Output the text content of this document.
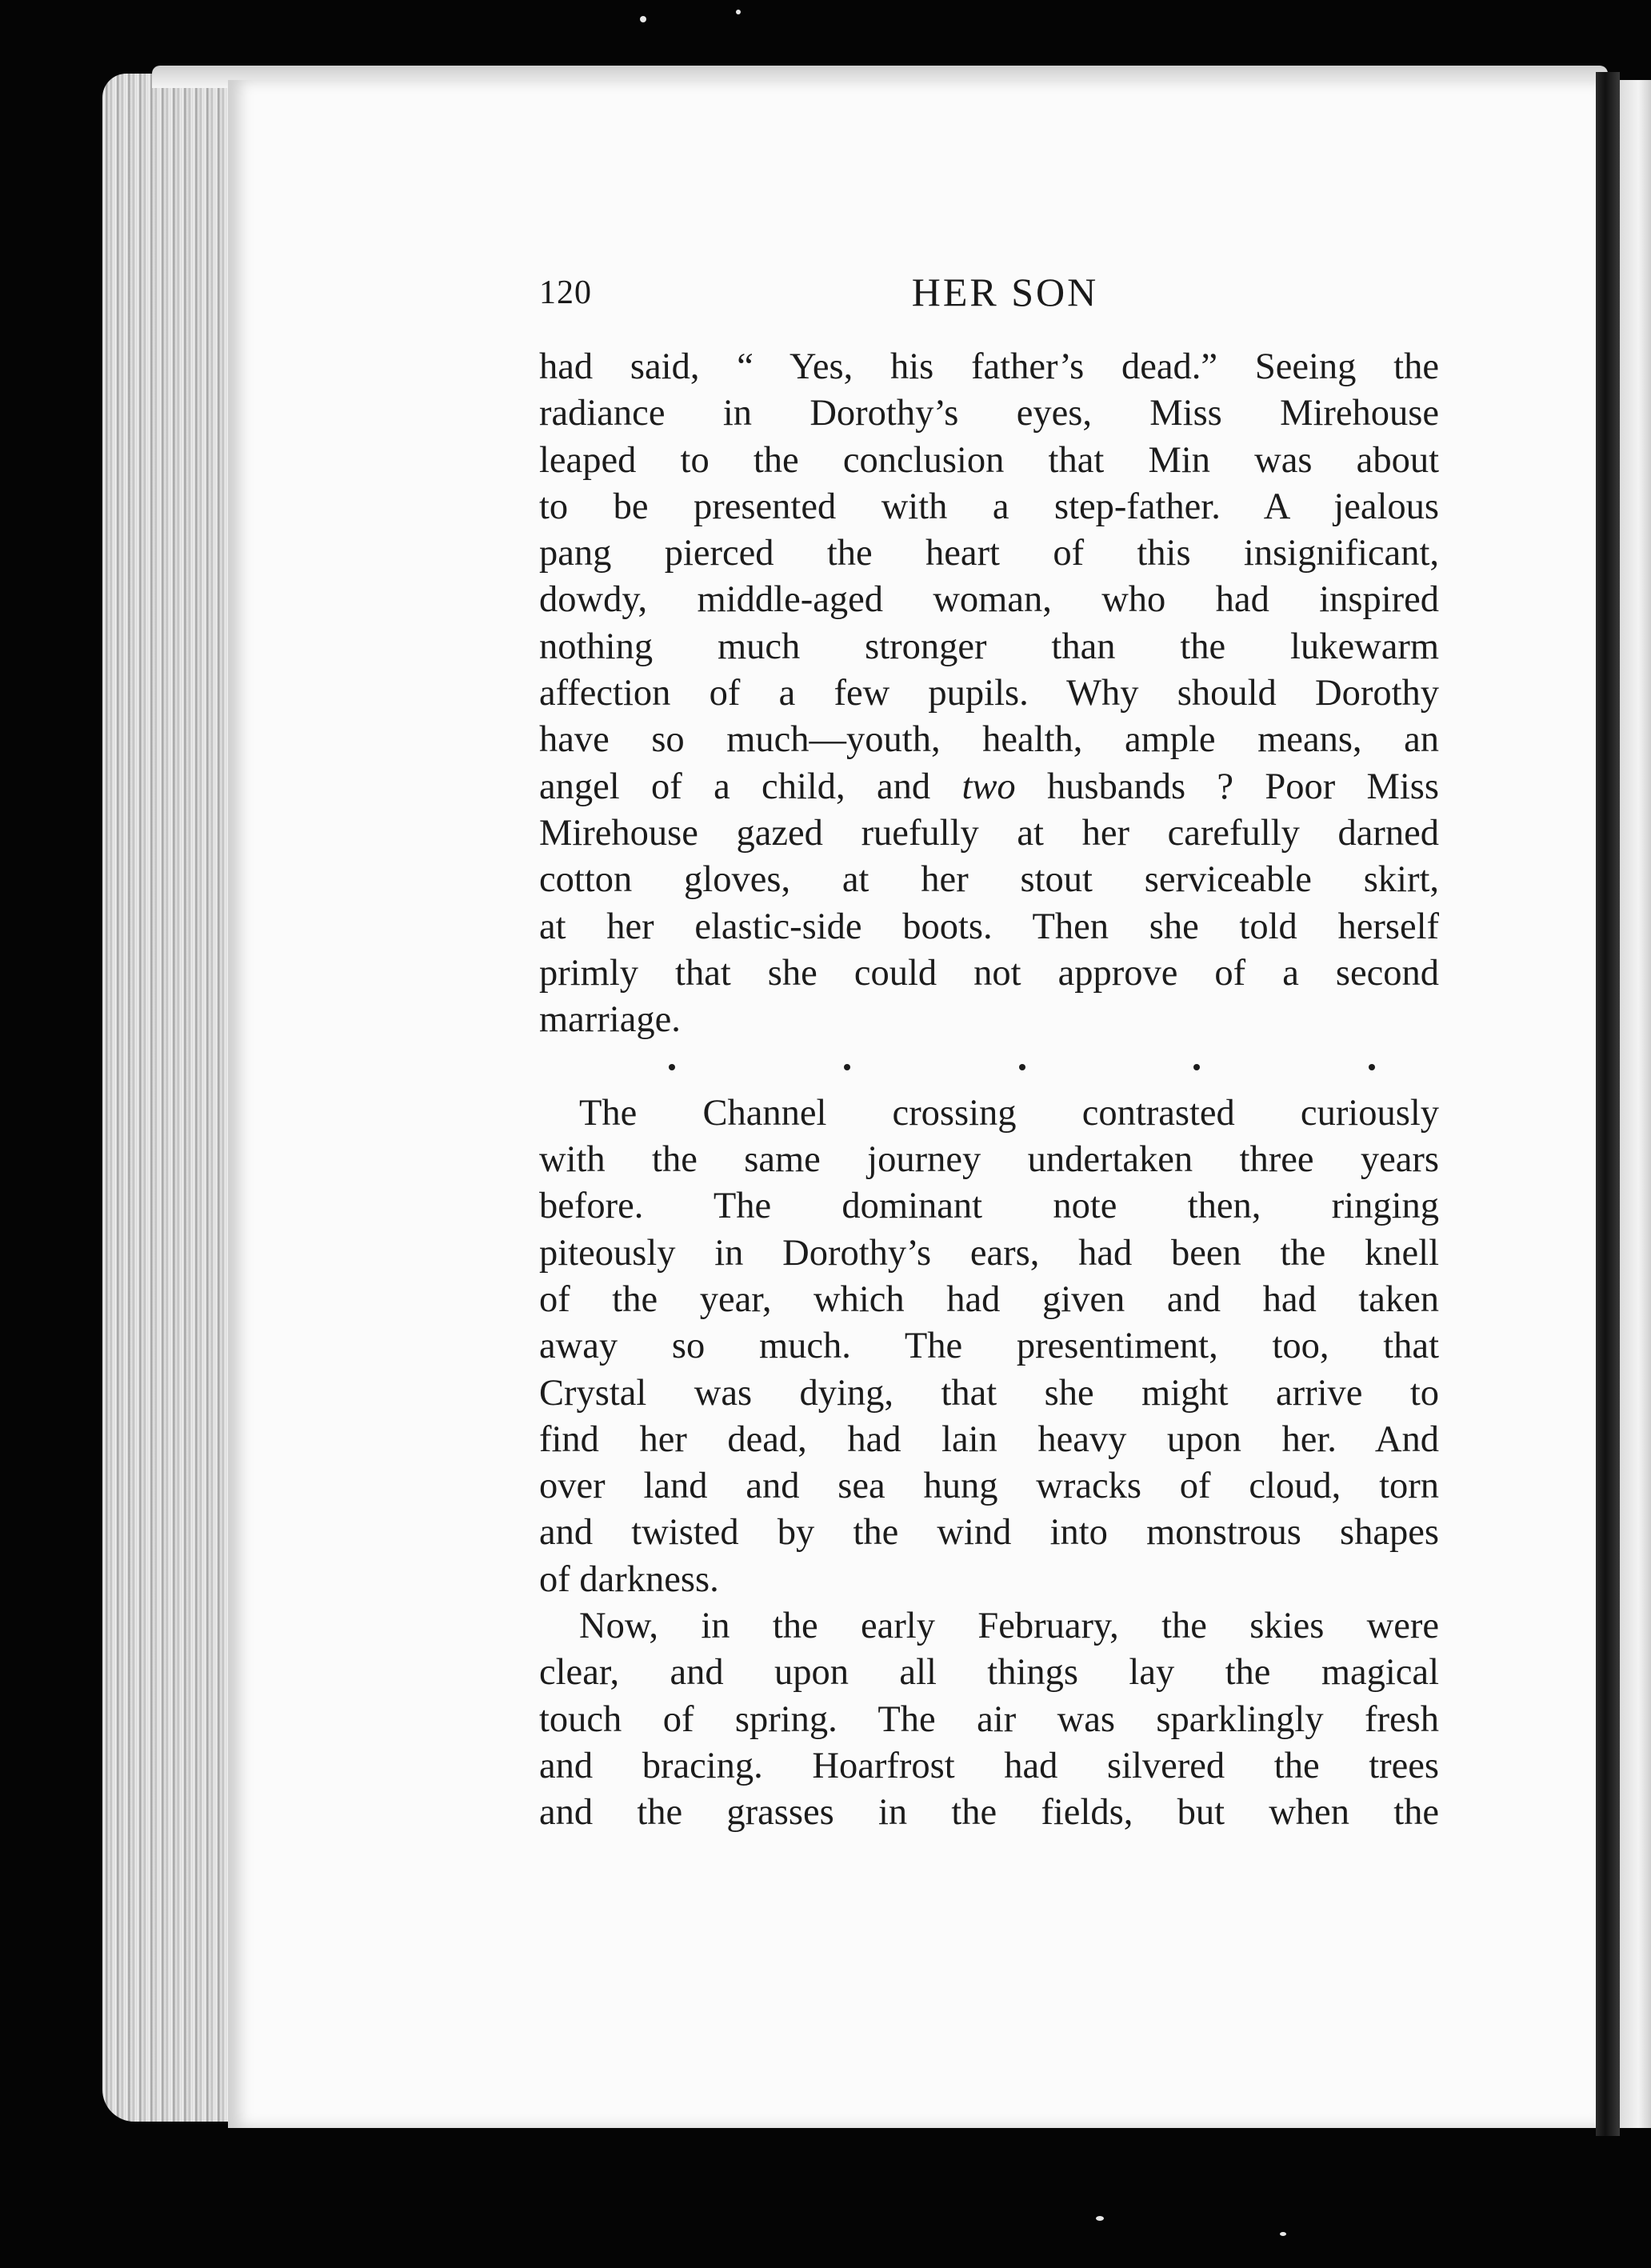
120	HER SON
had said, “ Yes, his father’s dead.” Seeing the
radiance in Dorothy’s eyes, Miss Mirehouse
leaped to the conclusion that Min was about
to be presented with a step-father. A jealous
pang pierced the heart of this insignificant,
dowdy, middle-aged woman, who had inspired
nothing much stronger than the lukewarm
affection of a few pupils. Why should Dorothy
have so much—youth, health, ample means, an
angel of a child, and two husbands ? Poor Miss
Mirehouse gazed ruefully at her carefully darned
cotton gloves, at her stout serviceable skirt,
at her elastic-side boots. Then she told herself
primly that she could not approve of a second
marriage.
The Channel crossing contrasted curiously
with the same journey undertaken three years
before. The dominant note then, ringing
piteously in Dorothy’s ears, had been the knell
of the year, which had given and had taken
away so much. The presentiment, too, that
Crystal was dying, that she might arrive to
find her dead, had lain heavy upon her. And
over land and sea hung wracks of cloud, torn
and twisted by the wind into monstrous shapes
of darkness.
Now, in the early February, the skies were
clear, and upon all things lay the magical
touch of spring. The air was sparklingly fresh
and bracing. Hoarfrost had silvered the trees
and the grasses in the fields, but when the
